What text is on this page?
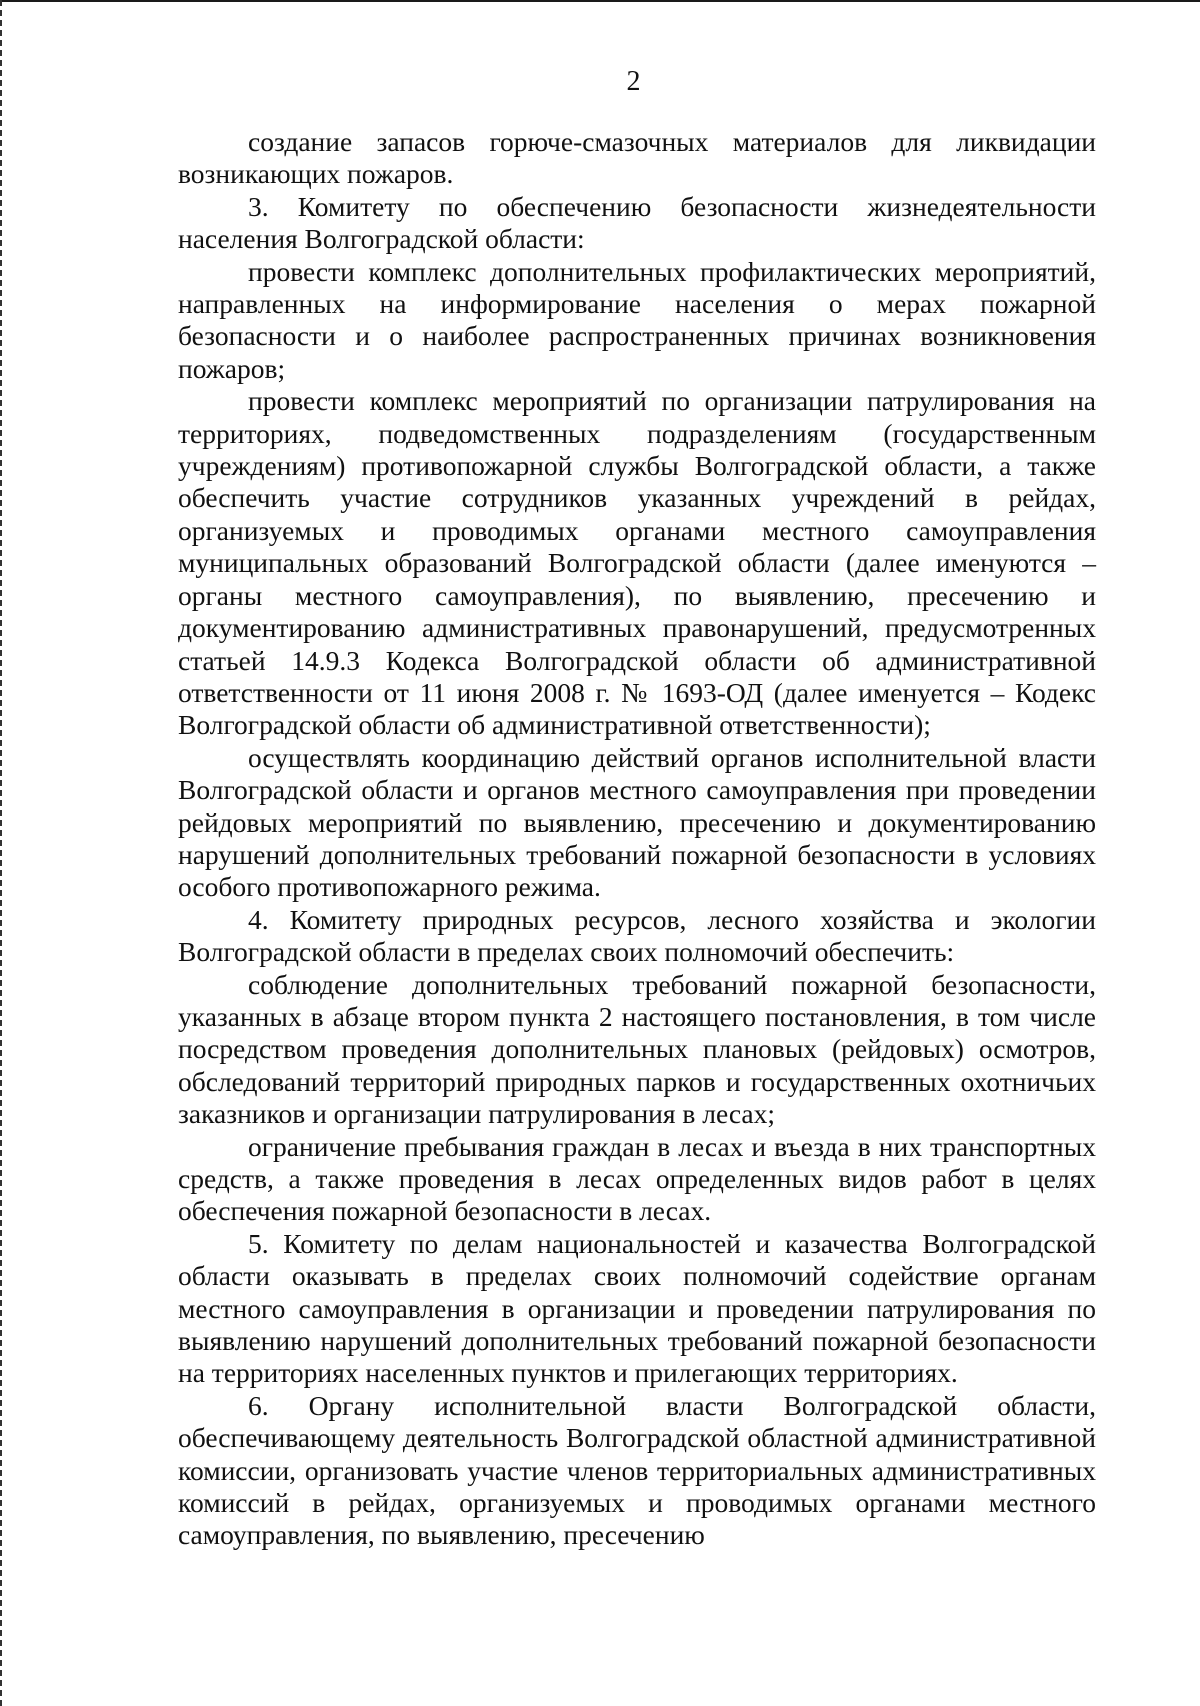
2

создание запасов горюче-смазочных материалов для ликвидации возникающих пожаров.

3. Комитету по обеспечению безопасности жизнедеятельности населения Волгоградской области:

провести комплекс дополнительных профилактических мероприятий, направленных на информирование населения о мерах пожарной безопасности и о наиболее распространенных причинах возникновения пожаров;

провести комплекс мероприятий по организации патрулирования на территориях, подведомственных подразделениям (государственным учреждениям) противопожарной службы Волгоградской области, а также обеспечить участие сотрудников указанных учреждений в рейдах, организуемых и проводимых органами местного самоуправления муниципальных образований Волгоградской области (далее именуются – органы местного самоуправления), по выявлению, пресечению и документированию административных правонарушений, предусмотренных статьей 14.9.3 Кодекса Волгоградской области об административной ответственности от 11 июня 2008 г. № 1693-ОД (далее именуется – Кодекс Волгоградской области об административной ответственности);

осуществлять координацию действий органов исполнительной власти Волгоградской области и органов местного самоуправления при проведении рейдовых мероприятий по выявлению, пресечению и документированию нарушений дополнительных требований пожарной безопасности в условиях особого противопожарного режима.

4. Комитету природных ресурсов, лесного хозяйства и экологии Волгоградской области в пределах своих полномочий обеспечить:

соблюдение дополнительных требований пожарной безопасности, указанных в абзаце втором пункта 2 настоящего постановления, в том числе посредством проведения дополнительных плановых (рейдовых) осмотров, обследований территорий природных парков и государственных охотничьих заказников и организации патрулирования в лесах;

ограничение пребывания граждан в лесах и въезда в них транспортных средств, а также проведения в лесах определенных видов работ в целях обеспечения пожарной безопасности в лесах.

5. Комитету по делам национальностей и казачества Волгоградской области оказывать в пределах своих полномочий содействие органам местного самоуправления в организации и проведении патрулирования по выявлению нарушений дополнительных требований пожарной безопасности на территориях населенных пунктов и прилегающих территориях.

6. Органу исполнительной власти Волгоградской области, обеспечивающему деятельность Волгоградской областной административной комиссии, организовать участие членов территориальных административных комиссий в рейдах, организуемых и проводимых органами местного самоуправления, по выявлению, пресечению
